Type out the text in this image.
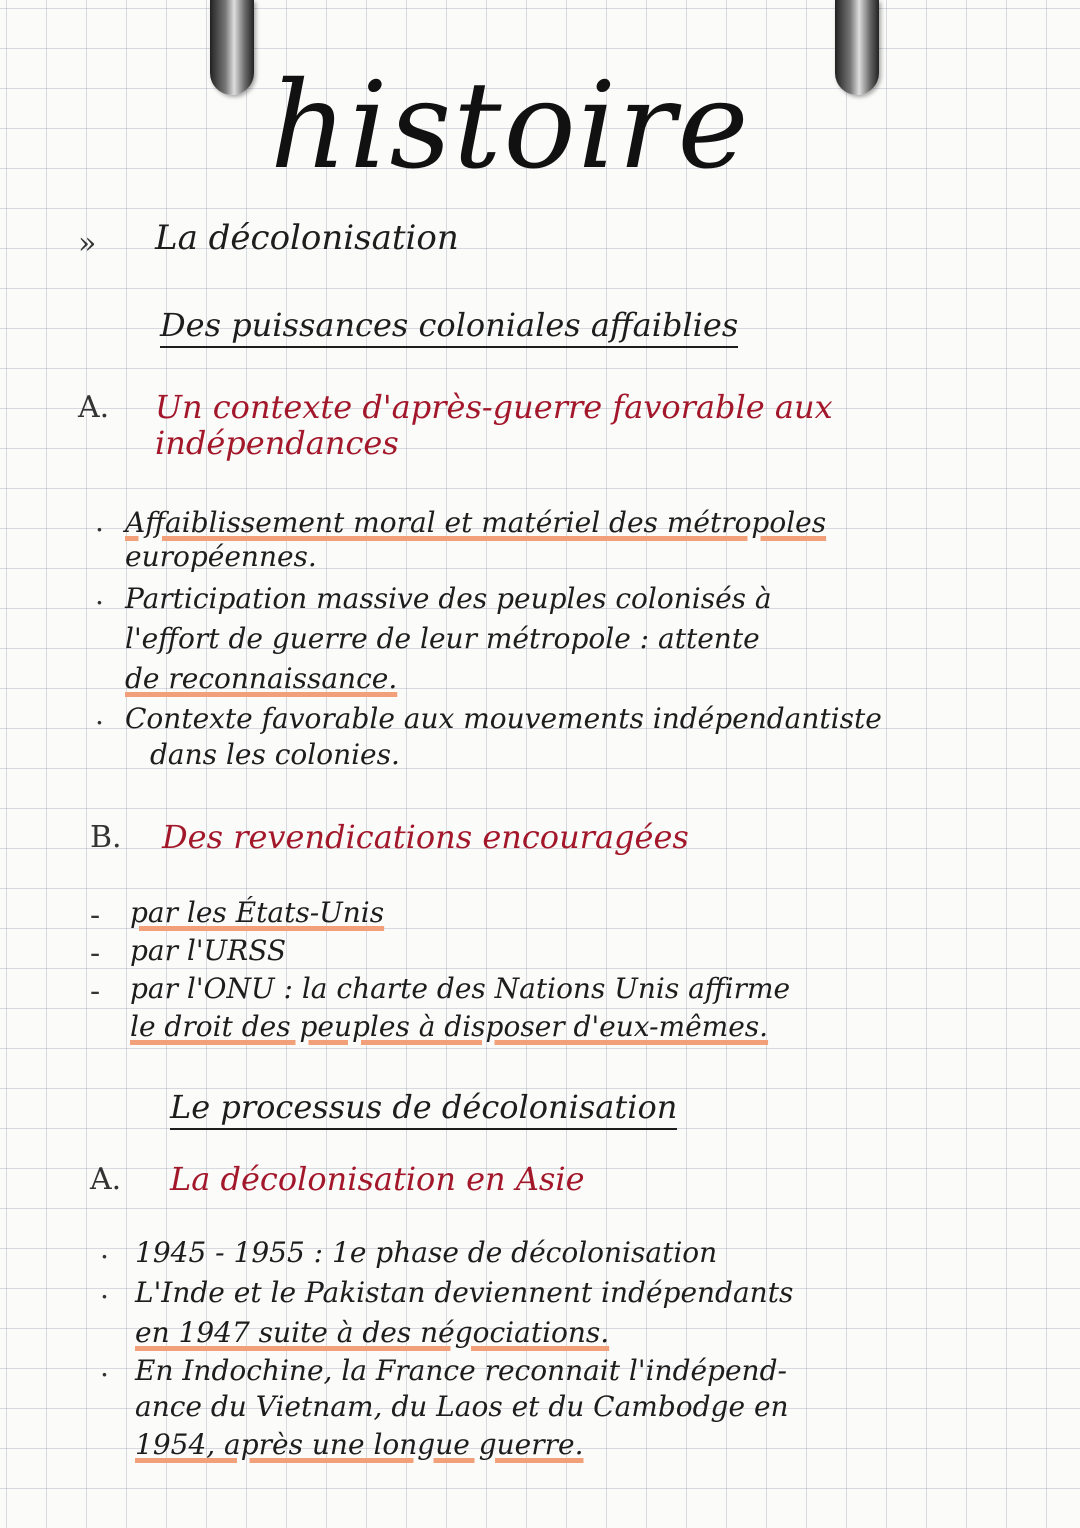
histoire
» La décolonisation
Des puissances coloniales affaiblies
A. Un contexte d'après-guerre favorable aux
indépendances
. Affaiblissement moral et matériel des métropoles
européennes.
. Participation massive des peuples colonisés à
l'effort de guerre de leur métropole : attente
de reconnaissance.
. Contexte favorable aux mouvements indépendantiste
dans les colonies.
B. Des revendications encouragées
- par les États-Unis
- par l'URSS
- par l'ONU : la charte des Nations Unis affirme
le droit des peuples à disposer d'eux-mêmes.
Le processus de décolonisation
A. La décolonisation en Asie
. 1945 - 1955 : 1e phase de décolonisation
. L'Inde et le Pakistan deviennent indépendants
en 1947 suite à des négociations.
. En Indochine, la France reconnait l'indépend-
ance du Vietnam, du Laos et du Cambodge en
1954, après une longue guerre.
